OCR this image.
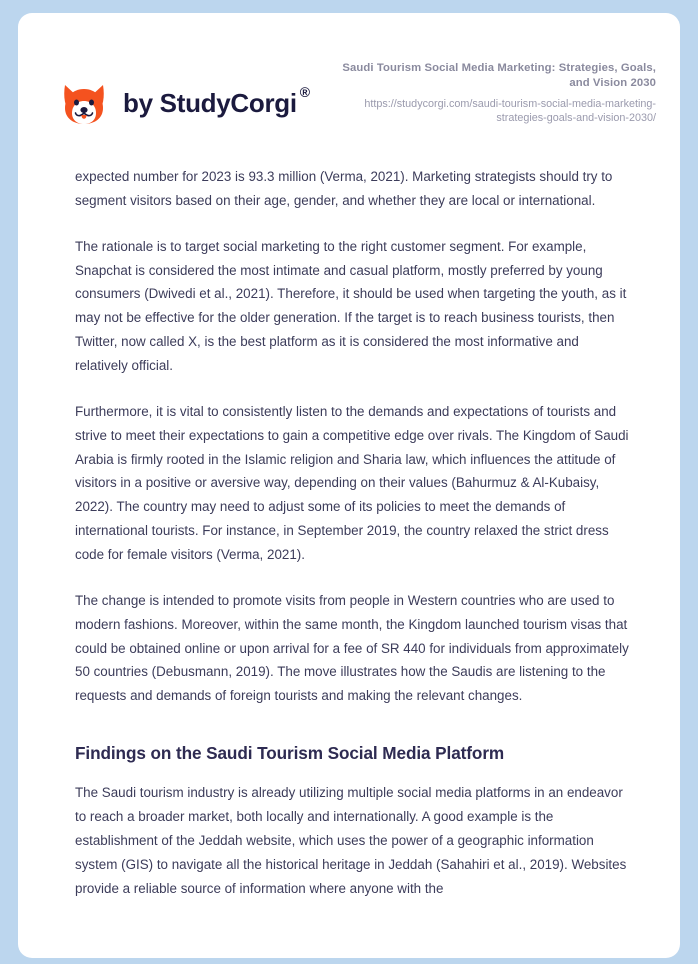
by StudyCorgi ®

Saudi Tourism Social Media Marketing: Strategies, Goals, and Vision 2030

https://studycorgi.com/saudi-tourism-social-media-marketing-strategies-goals-and-vision-2030/

expected number for 2023 is 93.3 million (Verma, 2021). Marketing strategists should try to segment visitors based on their age, gender, and whether they are local or international.

The rationale is to target social marketing to the right customer segment. For example, Snapchat is considered the most intimate and casual platform, mostly preferred by young consumers (Dwivedi et al., 2021). Therefore, it should be used when targeting the youth, as it may not be effective for the older generation. If the target is to reach business tourists, then Twitter, now called X, is the best platform as it is considered the most informative and relatively official.

Furthermore, it is vital to consistently listen to the demands and expectations of tourists and strive to meet their expectations to gain a competitive edge over rivals. The Kingdom of Saudi Arabia is firmly rooted in the Islamic religion and Sharia law, which influences the attitude of visitors in a positive or aversive way, depending on their values (Bahurmuz & Al-Kubaisy, 2022). The country may need to adjust some of its policies to meet the demands of international tourists. For instance, in September 2019, the country relaxed the strict dress code for female visitors (Verma, 2021).

The change is intended to promote visits from people in Western countries who are used to modern fashions. Moreover, within the same month, the Kingdom launched tourism visas that could be obtained online or upon arrival for a fee of SR 440 for individuals from approximately 50 countries (Debusmann, 2019). The move illustrates how the Saudis are listening to the requests and demands of foreign tourists and making the relevant changes.

Findings on the Saudi Tourism Social Media Platform

The Saudi tourism industry is already utilizing multiple social media platforms in an endeavor to reach a broader market, both locally and internationally. A good example is the establishment of the Jeddah website, which uses the power of a geographic information system (GIS) to navigate all the historical heritage in Jeddah (Sahahiri et al., 2019). Websites provide a reliable source of information where anyone with the
